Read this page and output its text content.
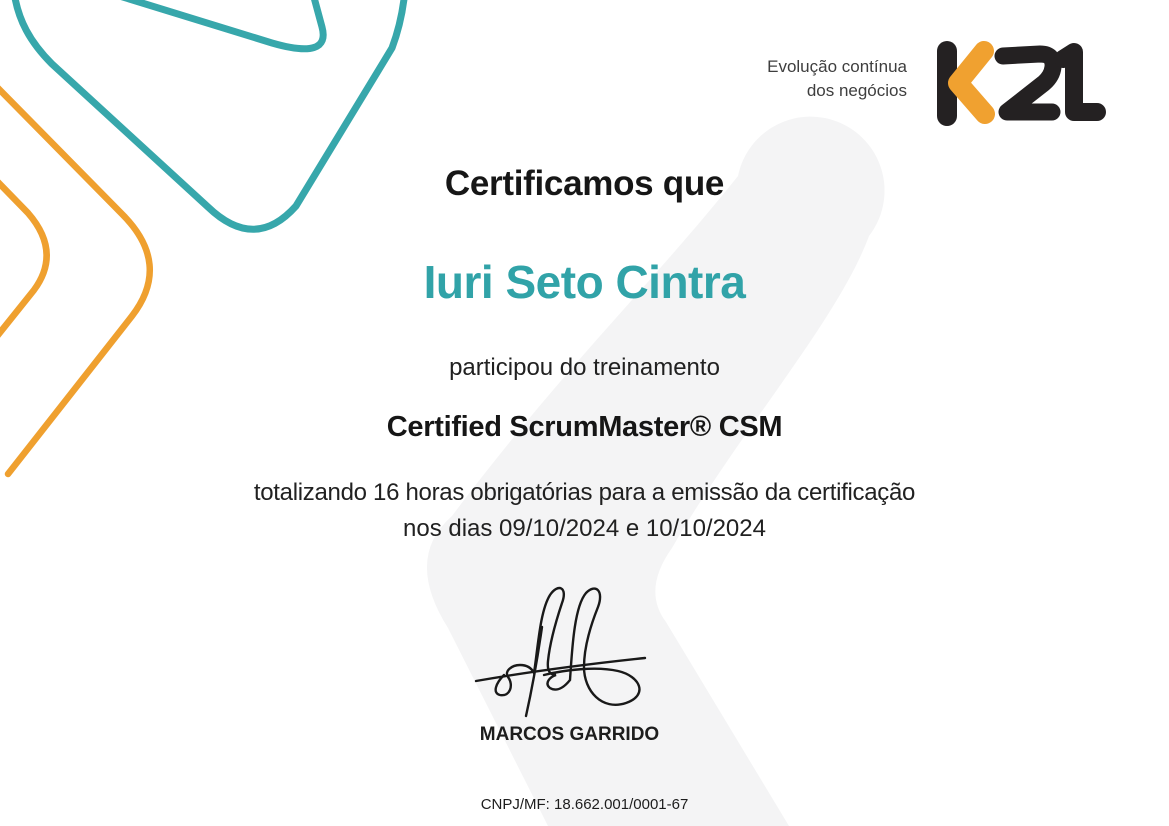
Evolução contínua
dos negócios
Certificamos que
Iuri Seto Cintra
participou do treinamento
Certified ScrumMaster® CSM
totalizando 16 horas obrigatórias para a emissão da certificação
nos dias 09/10/2024 e 10/10/2024
MARCOS GARRIDO
CNPJ/MF: 18.662.001/0001-67
